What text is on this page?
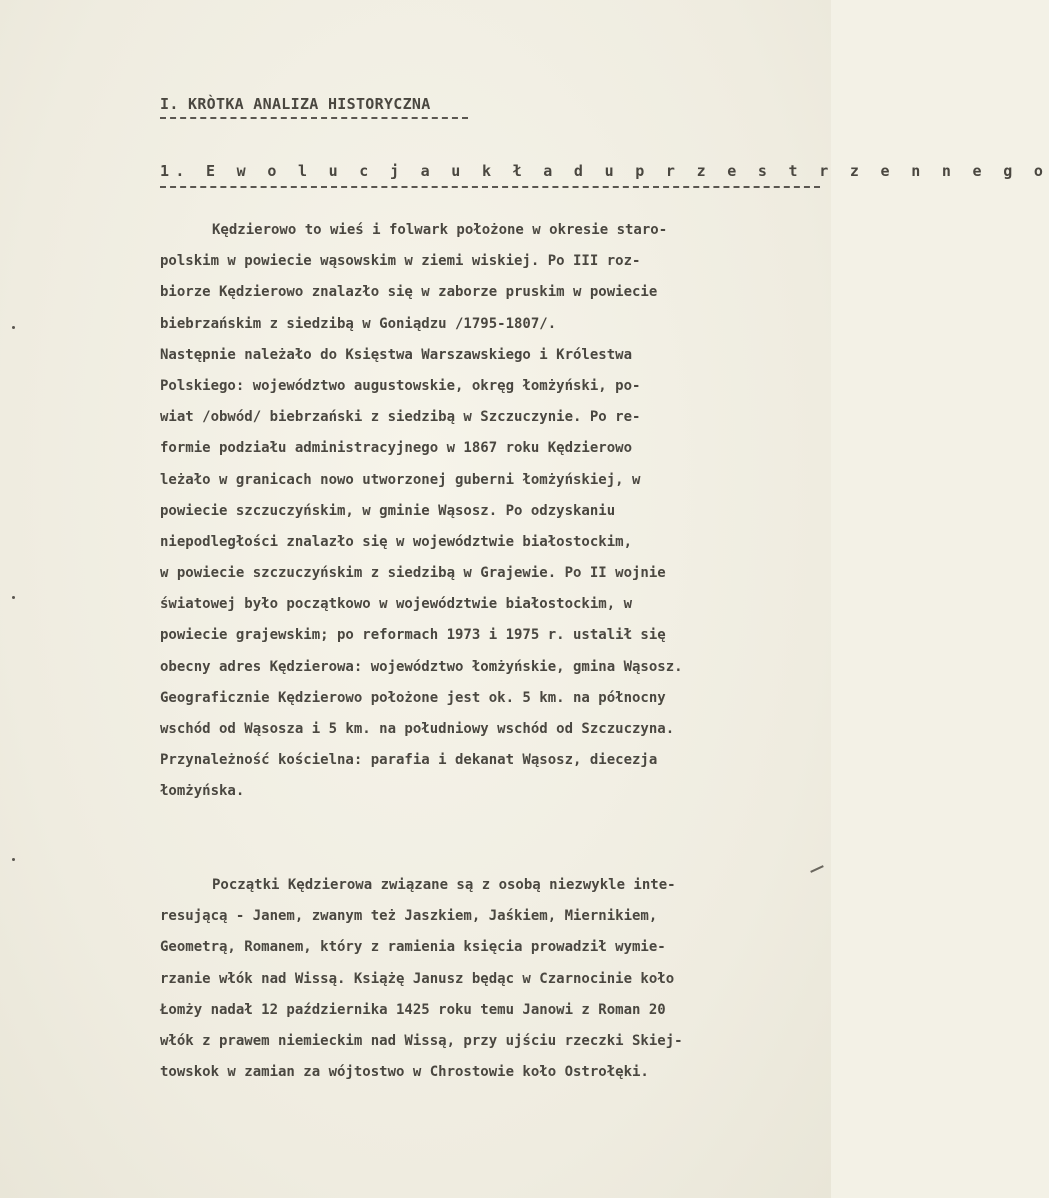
I. KRÒTKA ANALIZA HISTORYCZNA
1. E w o l u c j a u k ł a d u p r z e s t r z e n n e g o
Kędzierowo to wieś i folwark położone w okresie staro-
polskim w powiecie wąsowskim w ziemi wiskiej. Po III roz-
biorze Kędzierowo znalazło się w zaborze pruskim w powiecie
biebrzańskim z siedzibą w Goniądzu /1795-1807/.
Następnie należało do Księstwa Warszawskiego i Królestwa
Polskiego: województwo augustowskie, okręg łomżyński, po-
wiat /obwód/ biebrzański z siedzibą w Szczuczynie. Po re-
formie podziału administracyjnego w 1867 roku Kędzierowo
leżało w granicach nowo utworzonej guberni łomżyńskiej, w
powiecie szczuczyńskim, w gminie Wąsosz. Po odzyskaniu
niepodległości znalazło się w województwie białostockim,
w powiecie szczuczyńskim z siedzibą w Grajewie. Po II wojnie
światowej było początkowo w województwie białostockim, w
powiecie grajewskim; po reformach 1973 i 1975 r. ustalił się
obecny adres Kędzierowa: województwo łomżyńskie, gmina Wąsosz.
Geograficznie Kędzierowo położone jest ok. 5 km. na północny
wschód od Wąsosza i 5 km. na południowy wschód od Szczuczyna.
Przynależność kościelna: parafia i dekanat Wąsosz, diecezja
łomżyńska.
Początki Kędzierowa związane są z osobą niezwykle inte-
resującą - Janem, zwanym też Jaszkiem, Jaśkiem, Miernikiem,
Geometrą, Romanem, który z ramienia księcia prowadził wymie-
rzanie włók nad Wissą. Książę Janusz będąc w Czarnocinie koło
Łomży nadał 12 października 1425 roku temu Janowi z Roman 20
włók z prawem niemieckim nad Wissą, przy ujściu rzeczki Skiej-
towskok w zamian za wójtostwo w Chrostowie koło Ostrołęki.
